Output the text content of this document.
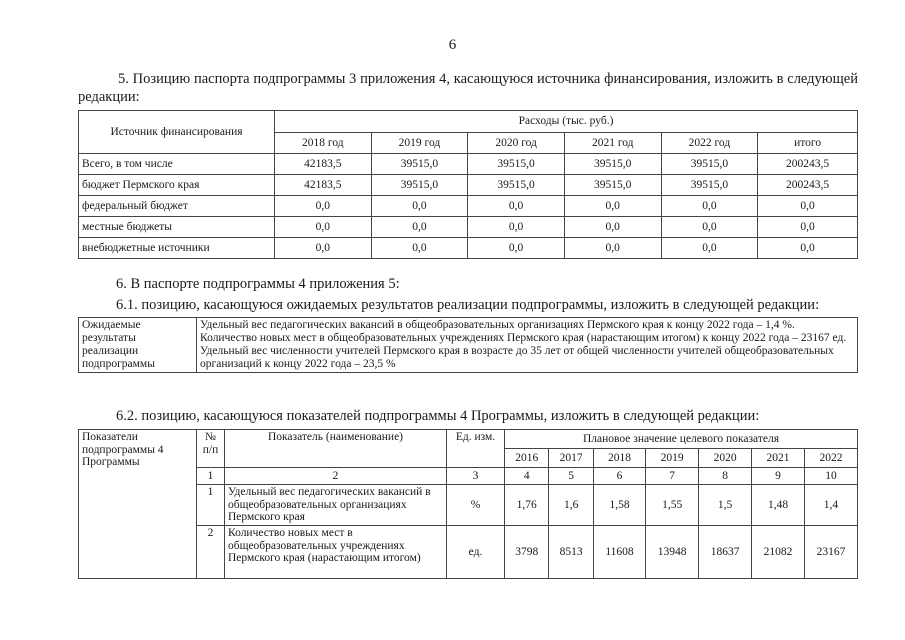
6
5. Позицию паспорта подпрограммы 3 приложения 4, касающуюся источника финансирования, изложить в следующей редакции:
Источник финансирования	Расходы (тыс. руб.)					
	2018 год	2019 год	2020 год	2021 год	2022 год	итого
Всего, в том числе	42183,5	39515,0	39515,0	39515,0	39515,0	200243,5
бюджет Пермского края	42183,5	39515,0	39515,0	39515,0	39515,0	200243,5
федеральный бюджет	0,0	0,0	0,0	0,0	0,0	0,0
местные бюджеты	0,0	0,0	0,0	0,0	0,0	0,0
внебюджетные источники	0,0	0,0	0,0	0,0	0,0	0,0
6. В паспорте подпрограммы 4 приложения 5:
6.1. позицию, касающуюся ожидаемых результатов реализации подпрограммы, изложить в следующей редакции:
Ожидаемые результаты реализации подпрограммы	
Удельный вес педагогических вакансий в общеобразовательных организациях Пермского края к концу 2022 года – 1,4 %.
Количество новых мест в общеобразовательных учреждениях Пермского края (нарастающим итогом) к концу 2022 года – 23167 ед.
Удельный вес численности учителей Пермского края в возрасте до 35 лет от общей численности учителей общеобразовательных организаций к концу 2022 года – 23,5 %
6.2. позицию, касающуюся показателей подпрограммы 4 Программы, изложить в следующей редакции:
Показатели подпрограммы 4 Программы	№ п/п	Показатель (наименование)	Ед. изм.	Плановое значение целевого показателя						
				2016	2017	2018	2019	2020	2021	2022
	1	2	3	4	5	6	7	8	9	10
	1	Удельный вес педагогических вакансий в общеобразовательных организациях Пермского края	%	1,76	1,6	1,58	1,55	1,5	1,48	1,4
	2	Количество новых мест в общеобразовательных учреждениях Пермского края (нарастающим итогом)	ед.	3798	8513	11608	13948	18637	21082	23167
